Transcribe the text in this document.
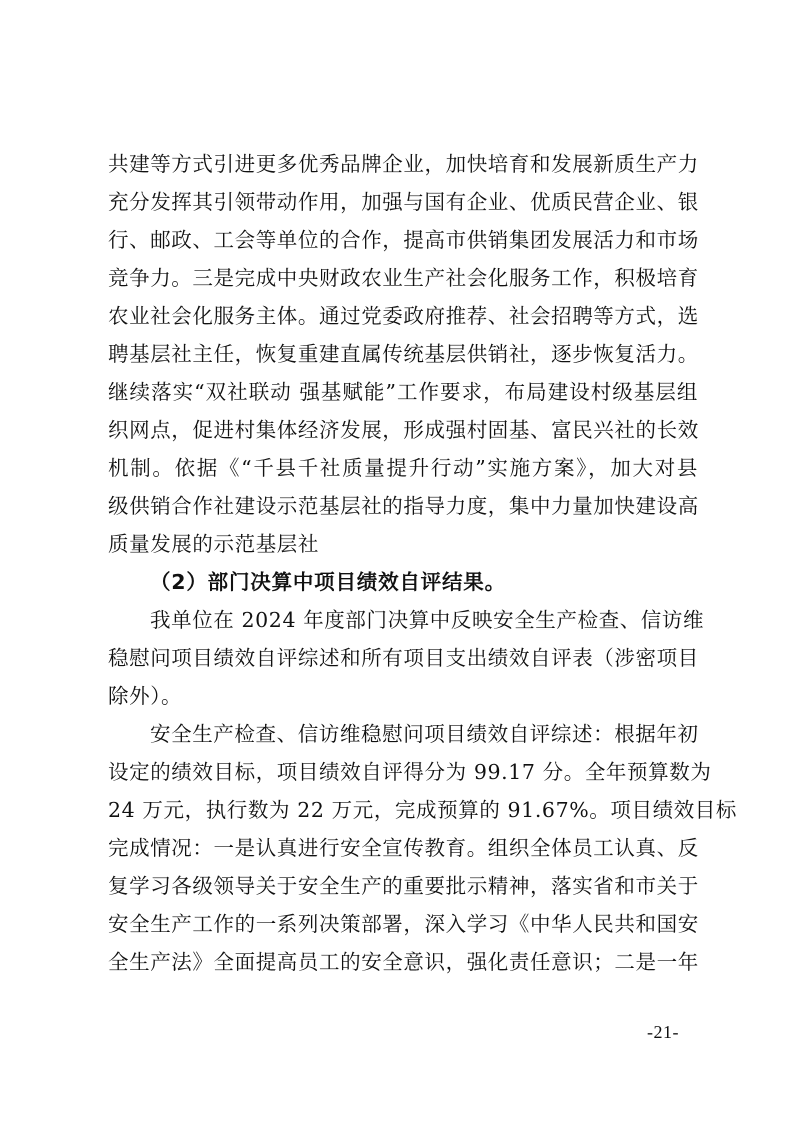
共建等方式引进更多优秀品牌企业，加快培育和发展新质生产力
充分发挥其引领带动作用，加强与国有企业、优质民营企业、银
行、邮政、工会等单位的合作，提高市供销集团发展活力和市场
竞争力。三是完成中央财政农业生产社会化服务工作，积极培育
农业社会化服务主体。通过党委政府推荐、社会招聘等方式，选
聘基层社主任，恢复重建直属传统基层供销社，逐步恢复活力。
继续落实“双社联动 强基赋能”工作要求，布局建设村级基层组
织网点，促进村集体经济发展，形成强村固基、富民兴社的长效
机制。依据《“千县千社质量提升行动”实施方案》，加大对县
级供销合作社建设示范基层社的指导力度，集中力量加快建设高
质量发展的示范基层社
（2）部门决算中项目绩效自评结果。
我单位在 2024 年度部门决算中反映安全生产检查、信访维
稳慰问项目绩效自评综述和所有项目支出绩效自评表（涉密项目
除外）。
安全生产检查、信访维稳慰问项目绩效自评综述：根据年初
设定的绩效目标，项目绩效自评得分为 99.17 分。全年预算数为
24 万元，执行数为 22 万元，完成预算的 91.67%。项目绩效目标
完成情况：一是认真进行安全宣传教育。组织全体员工认真、反
复学习各级领导关于安全生产的重要批示精神，落实省和市关于
安全生产工作的一系列决策部署，深入学习《中华人民共和国安
全生产法》全面提高员工的安全意识，强化责任意识；二是一年
-21-
